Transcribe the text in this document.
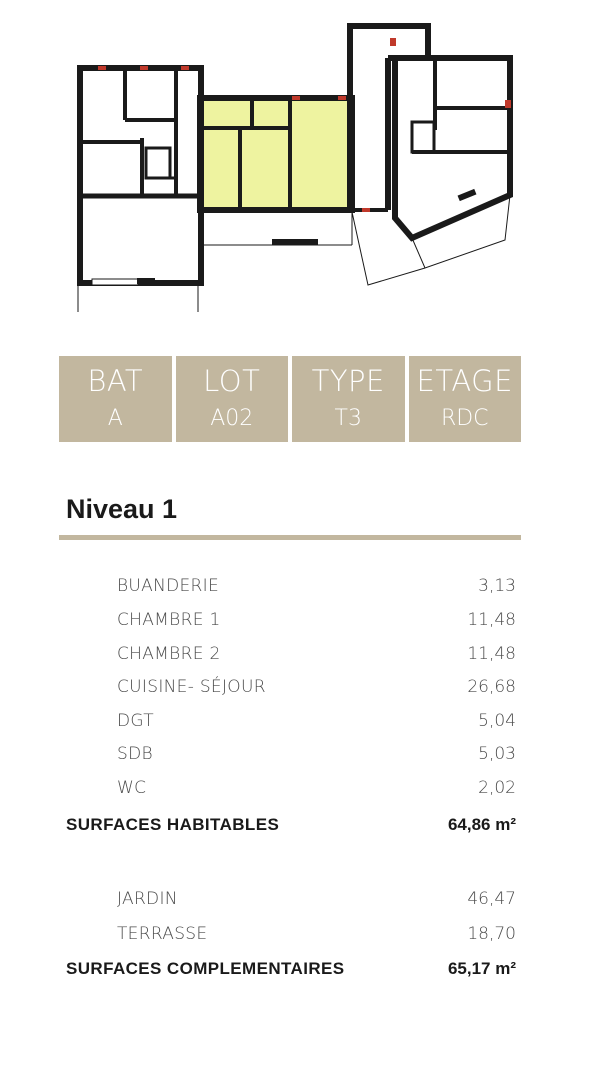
BAT
A
LOT
A02
TYPE
T3
ETAGE
RDC
Niveau 1
BUANDERIE	3,13
CHAMBRE 1	11,48
CHAMBRE 2	11,48
CUISINE- SÉJOUR	26,68
DGT	5,04
SDB	5,03
WC	2,02
SURFACES HABITABLES	64,86 m²
JARDIN	46,47
TERRASSE	18,70
SURFACES COMPLEMENTAIRES	65,17 m²
